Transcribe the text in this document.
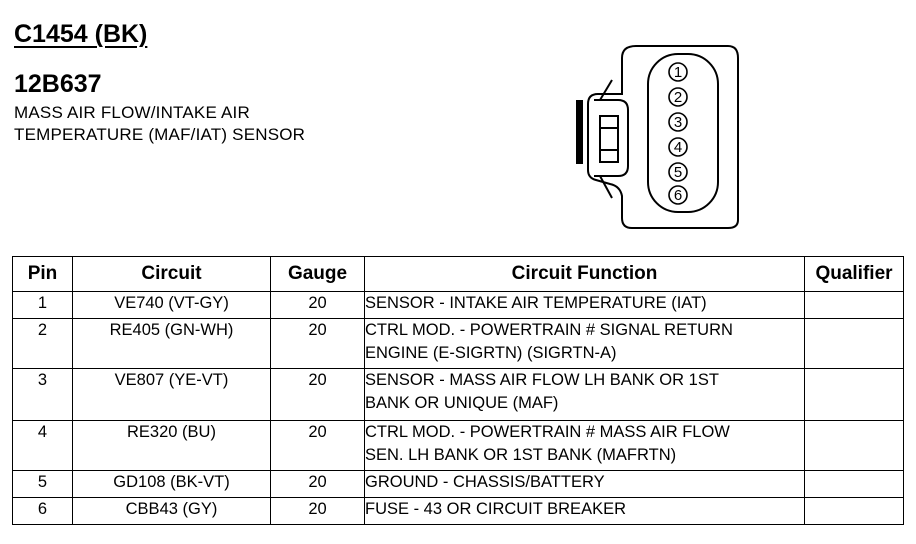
C1454 (BK)
12B637
MASS AIR FLOW/INTAKE AIR
TEMPERATURE (MAF/IAT) SENSOR
1
2
3
4
5
6
Pin	Circuit	Gauge	Circuit Function	Qualifier
1	VE740 (VT-GY)	20	SENSOR - INTAKE AIR TEMPERATURE (IAT)	

2	RE405 (GN-WH)	20	CTRL MOD. - POWERTRAIN # SIGNAL RETURN
ENGINE (E-SIGRTN) (SIGRTN-A)	

3	VE807 (YE-VT)	20	SENSOR - MASS AIR FLOW LH BANK OR 1ST
BANK OR UNIQUE (MAF)	

4	RE320 (BU)	20	CTRL MOD. - POWERTRAIN # MASS AIR FLOW
SEN. LH BANK OR 1ST BANK (MAFRTN)	

5	GD108 (BK-VT)	20	GROUND - CHASSIS/BATTERY	

6	CBB43 (GY)	20	FUSE - 43 OR CIRCUIT BREAKER	
